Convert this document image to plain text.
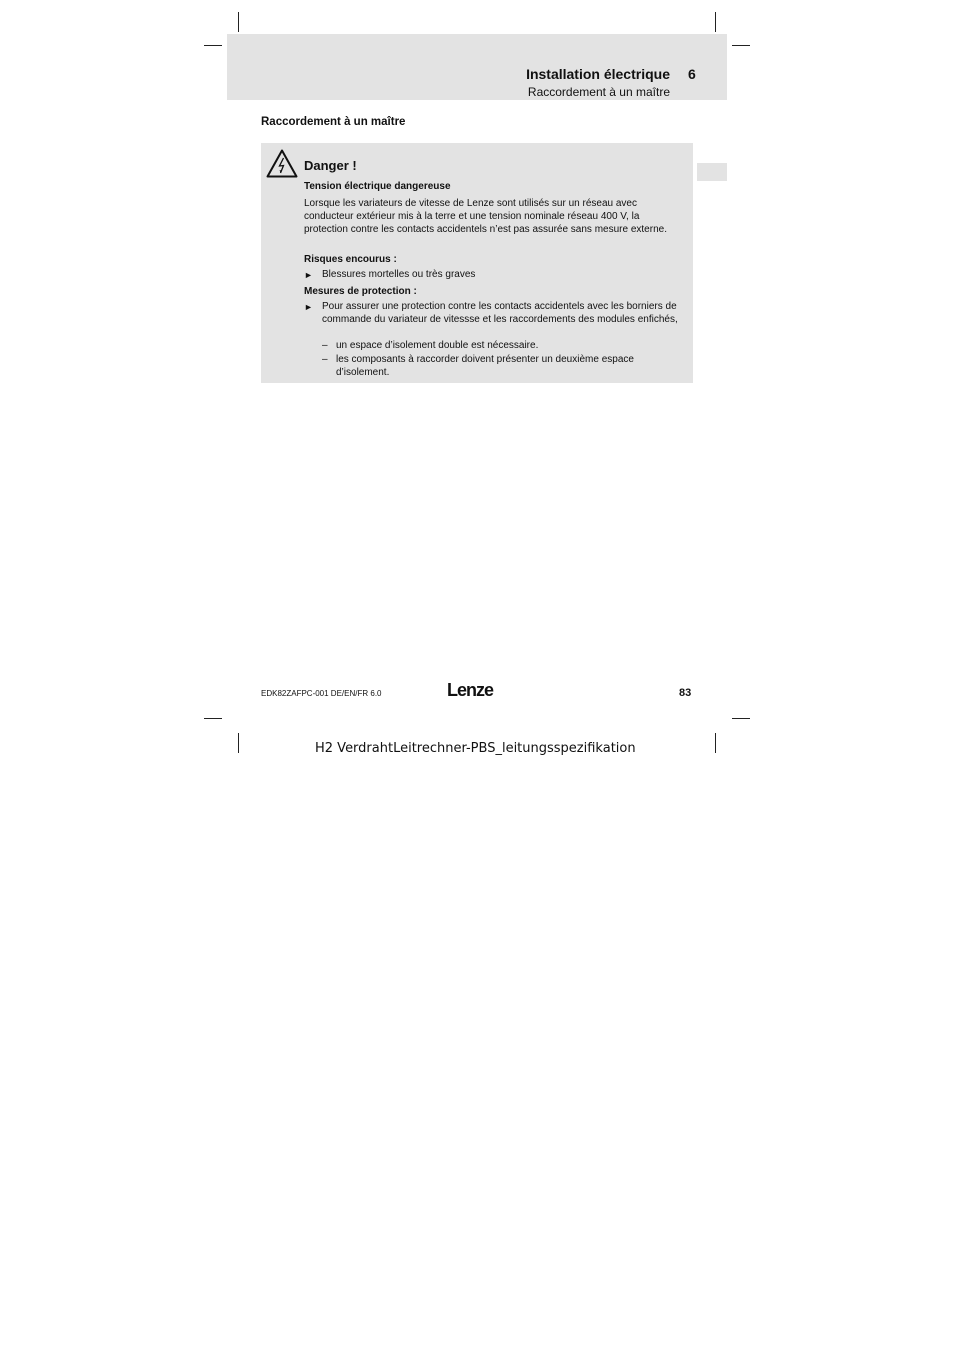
Installation électrique 6
Raccordement à un maître
Raccordement à un maître
Danger !
Tension électrique dangereuse
Lorsque les variateurs de vitesse de Lenze sont utilisés sur un réseau avec conducteur extérieur mis à la terre et une tension nominale réseau 400 V, la protection contre les contacts accidentels n’est pas assurée sans mesure externe.
Risques encourus :
► Blessures mortelles ou très graves
Mesures de protection :
► Pour assurer une protection contre les contacts accidentels avec les borniers de commande du variateur de vitessse et les raccordements des modules enfichés,
– un espace d’isolement double est nécessaire.
– les composants à raccorder doivent présenter un deuxième espace d’isolement.
EDK82ZAFPC-001 DE/EN/FR 6.0	Lenze	83
H2 VerdrahtLeitrechner-PBS_leitungsspezifikation
